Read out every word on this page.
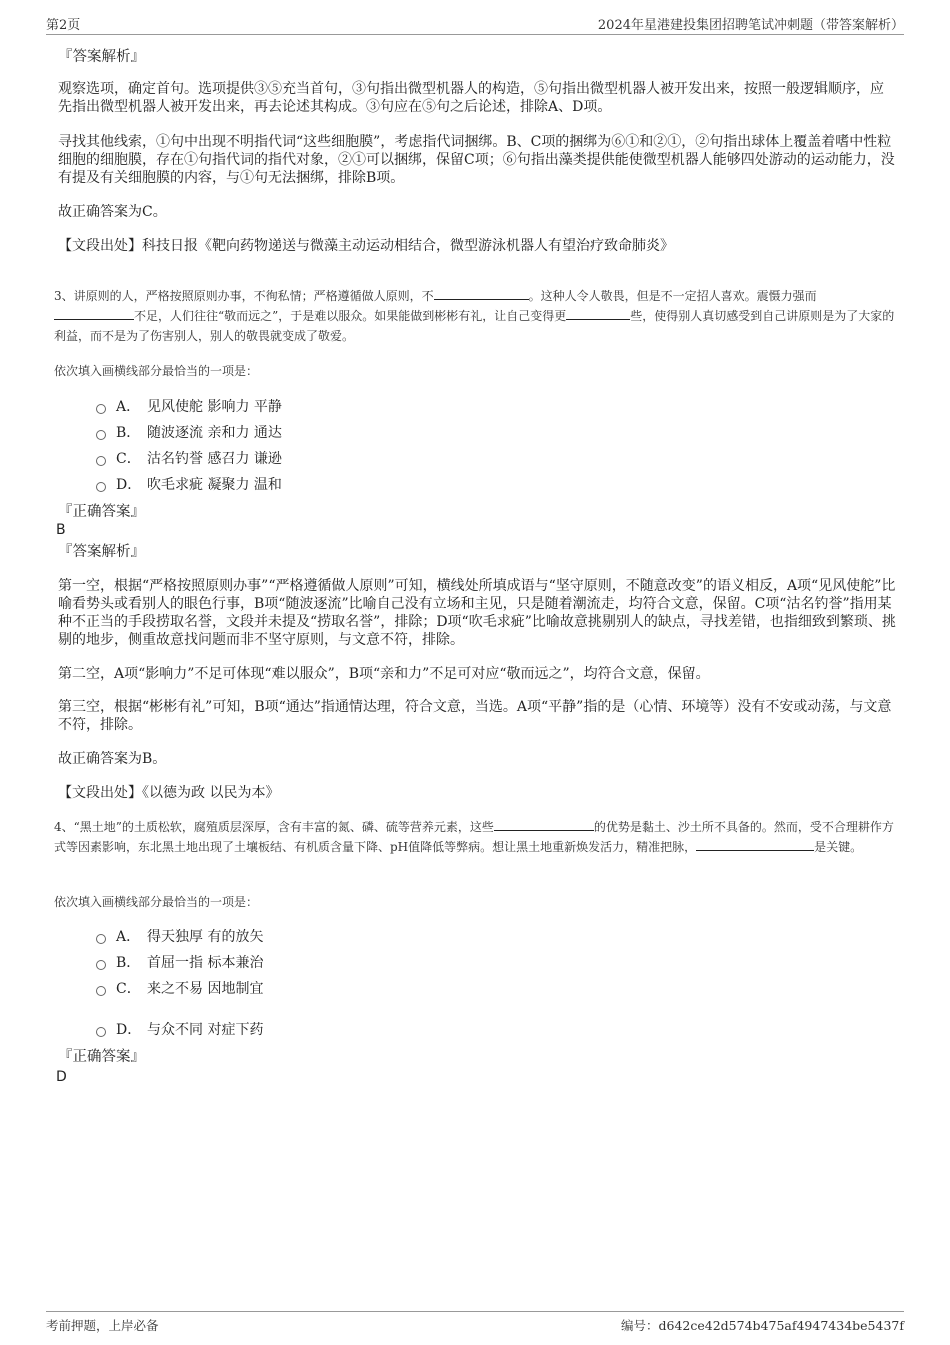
第2页	2024年星港建投集团招聘笔试冲刺题（带答案解析）

『答案解析』

观察选项，确定首句。选项提供③⑤充当首句，③句指出微型机器人的构造，⑤句指出微型机器人被开发出来，按照一般逻辑顺序，应先指出微型机器人被开发出来，再去论述其构成。③句应在⑤句之后论述，排除A、D项。

寻找其他线索，①句中出现不明指代词“这些细胞膜”，考虑指代词捆绑。B、C项的捆绑为⑥①和②①，②句指出球体上覆盖着嗜中性粒细胞的细胞膜，存在①句指代词的指代对象，②①可以捆绑，保留C项；⑥句指出藻类提供能使微型机器人能够四处游动的运动能力，没有提及有关细胞膜的内容，与①句无法捆绑，排除B项。

故正确答案为C。

【文段出处】科技日报《靶向药物递送与微藻主动运动相结合，微型游泳机器人有望治疗致命肺炎》

3、讲原则的人，严格按照原则办事，不徇私情；严格遵循做人原则，不	。这种人令人敬畏，但是不一定招人喜欢。震慑力强而不足，人们往往“敬而远之”，于是难以服众。如果能做到彬彬有礼，让自己变得更	些，使得别人真切感受到自己讲原则是为了大家的利益，而不是为了伤害别人，别人的敬畏就变成了敬爱。

依次填入画横线部分最恰当的一项是：

A． 见风使舵 影响力 平静
B． 随波逐流 亲和力 通达
C． 沽名钓誉 感召力 谦逊
D． 吹毛求疵 凝聚力 温和

『正确答案』

B

『答案解析』

第一空，根据“严格按照原则办事”“严格遵循做人原则”可知，横线处所填成语与“坚守原则，不随意改变”的语义相反，A项“见风使舵”比喻看势头或看别人的眼色行事，B项“随波逐流”比喻自己没有立场和主见，只是随着潮流走，均符合文意，保留。C项“沽名钓誉”指用某种不正当的手段捞取名誉，文段并未提及“捞取名誉”，排除；D项“吹毛求疵”比喻故意挑剔别人的缺点，寻找差错，也指细致到繁琐、挑剔的地步，侧重故意找问题而非不坚守原则，与文意不符，排除。

第二空，A项“影响力”不足可体现“难以服众”，B项“亲和力”不足可对应“敬而远之”，均符合文意，保留。

第三空，根据“彬彬有礼”可知，B项“通达”指通情达理，符合文意，当选。A项“平静”指的是（心情、环境等）没有不安或动荡，与文意不符，排除。

故正确答案为B。

【文段出处】《以德为政 以民为本》

4、“黑土地”的土质松软，腐殖质层深厚，含有丰富的氮、磷、硫等营养元素，这些	的优势是黏土、沙土所不具备的。然而，受不合理耕作方式等因素影响，东北黑土地出现了土壤板结、有机质含量下降、pH值降低等弊病。想让黑土地重新焕发活力，精准把脉，	是关键。

依次填入画横线部分最恰当的一项是：

A． 得天独厚 有的放矢
B． 首屈一指 标本兼治
C． 来之不易 因地制宜
D． 与众不同 对症下药

『正确答案』

D

考前押题，上岸必备	编号：d642ce42d574b475af4947434be5437f
